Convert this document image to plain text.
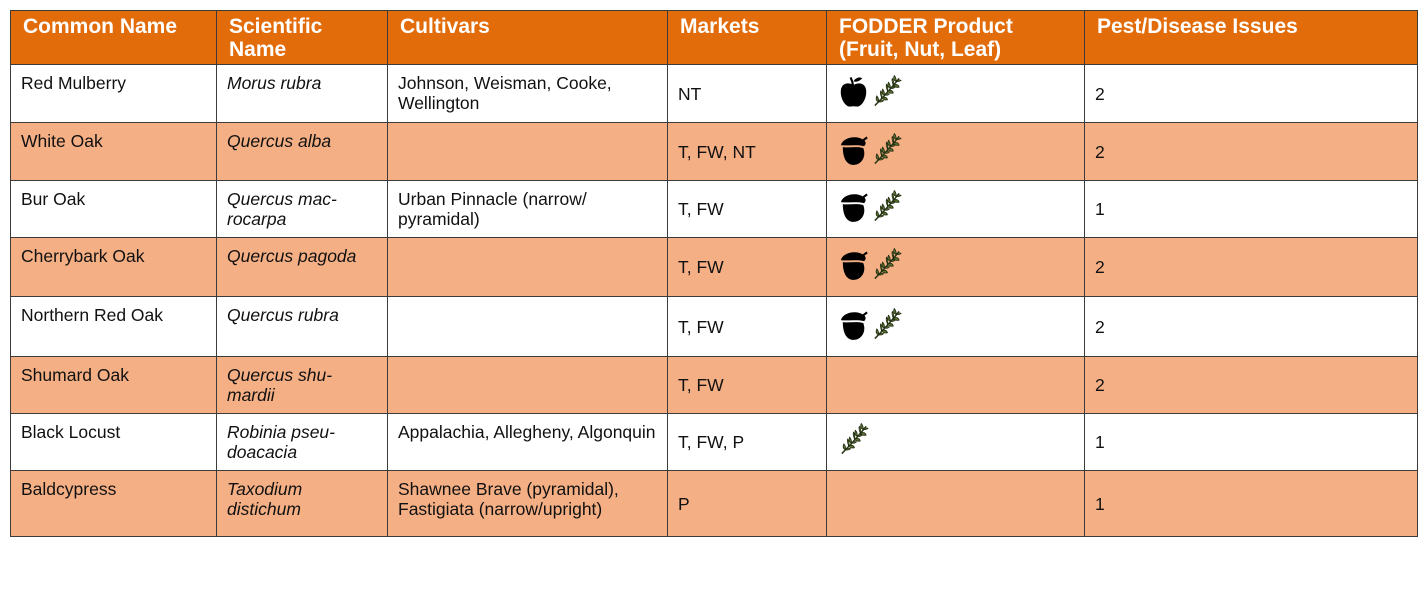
Common Name	Scientific Name	Cultivars	Markets	FODDER Product (Fruit, Nut, Leaf)	Pest/Disease Issues
Red Mulberry	Morus rubra	Johnson, Weisman, Cooke, Wellington	NT		2
White Oak	Quercus alba		T, FW, NT		2
Bur Oak	Quercus mac-rocarpa	Urban Pinnacle (narrow/ pyramidal)	T, FW		1
Cherrybark Oak	Quercus pagoda		T, FW		2
Northern Red Oak	Quercus rubra		T, FW		2
Shumard Oak	Quercus shu-mardii		T, FW		2
Black Locust	Robinia pseu-doacacia	Appalachia, Allegheny, Algonquin	T, FW, P		1
Baldcypress	Taxodium distichum	Shawnee Brave (pyramidal), Fastigiata (narrow/upright)	P		1
